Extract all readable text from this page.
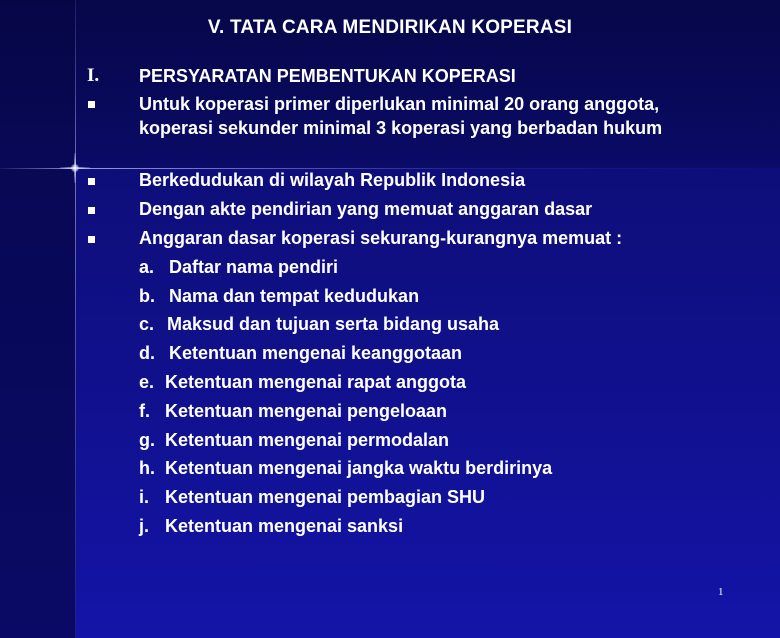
V. TATA CARA MENDIRIKAN KOPERASI
I.	PERSYARATAN PEMBENTUKAN KOPERASI
Untuk koperasi primer diperlukan minimal 20 orang anggota, koperasi sekunder minimal 3 koperasi yang berbadan hukum
Berkedudukan di wilayah Republik Indonesia
Dengan akte pendirian yang memuat anggaran dasar
Anggaran dasar koperasi sekurang-kurangnya memuat :
a. Daftar nama pendiri
b. Nama dan tempat kedudukan
c. Maksud dan tujuan serta bidang usaha
d. Ketentuan mengenai keanggotaan
e. Ketentuan mengenai rapat anggota
f. Ketentuan mengenai pengeloaan
g. Ketentuan mengenai permodalan
h. Ketentuan mengenai jangka waktu berdirinya
i. Ketentuan mengenai pembagian SHU
j. Ketentuan mengenai sanksi
1
